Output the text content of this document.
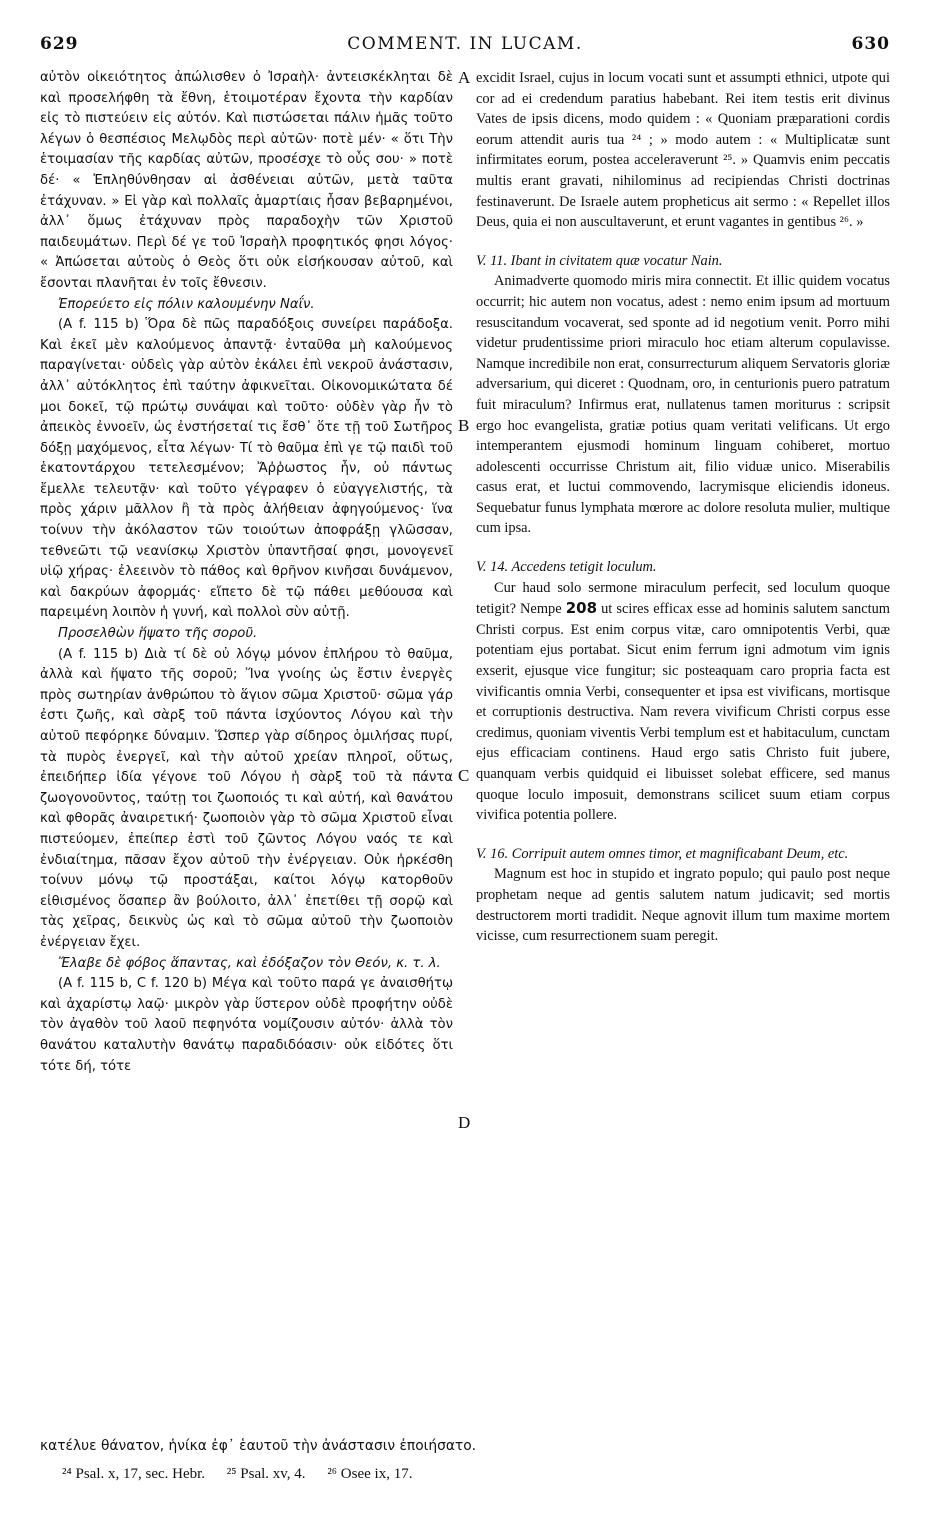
629	COMMENT. IN LUCAM.	630
A
B
C
D

αὐτὸν οἰκειότητος ἀπώλισθεν ὁ Ἰσραὴλ· ἀντεισκέκληται δὲ καὶ προσελήφθη τὰ ἔθνη, ἑτοιμοτέραν ἔχοντα τὴν καρδίαν εἰς τὸ πιστεύειν εἰς αὐτόν. Καὶ πιστώσεται πάλιν ἡμᾶς τοῦτο λέγων ὁ θεσπέσιος Μελῳδὸς περὶ αὐτῶν· ποτὲ μέν· « ὅτι Τὴν ἑτοιμασίαν τῆς καρδίας αὐτῶν, προσέσχε τὸ οὖς σου· » ποτὲ δέ· « Ἐπληθύνθησαν αἱ ἀσθένειαι αὐτῶν, μετὰ ταῦτα ἐτάχυναν. » Εἰ γὰρ καὶ πολλαῖς ἁμαρτίαις ἦσαν βεβαρημένοι, ἀλλ᾽ ὅμως ἐτάχυναν πρὸς παραδοχὴν τῶν Χριστοῦ παιδευμάτων. Περὶ δέ γε τοῦ Ἰσραὴλ προφητικός φησι λόγος· « Ἀπώσεται αὐτοὺς ὁ Θεὸς ὅτι οὐκ εἰσήκουσαν αὐτοῦ, καὶ ἔσονται πλανῆται ἐν τοῖς ἔθνεσιν.

Ἐπορεύετο εἰς πόλιν καλουμένην Ναΐν.

(A f. 115 b) Ὅρα δὲ πῶς παραδόξοις συνείρει παράδοξα. Καὶ ἐκεῖ μὲν καλούμενος ἀπαντᾷ· ἐνταῦθα μὴ καλούμενος παραγίνεται· οὐδεὶς γὰρ αὐτὸν ἐκάλει ἐπὶ νεκροῦ ἀνάστασιν, ἀλλ᾽ αὐτόκλητος ἐπὶ ταύτην ἀφικνεῖται. Οἰκονομικώτατα δέ μοι δοκεῖ, τῷ πρώτῳ συνάψαι καὶ τοῦτο· οὐδὲν γὰρ ἦν τὸ ἀπεικὸς ἐννοεῖν, ὡς ἐνστήσεταί τις ἔσθ᾽ ὅτε τῇ τοῦ Σωτῆρος δόξῃ μαχόμενος, εἶτα λέγων· Τί τὸ θαῦμα ἐπὶ γε τῷ παιδὶ τοῦ ἑκατοντάρχου τετελεσμένον; Ἄῤῥωστος ἦν, οὐ πάντως ἔμελλε τελευτᾷν· καὶ τοῦτο γέγραφεν ὁ εὐαγγελιστής, τὰ πρὸς χάριν μᾶλλον ἢ τὰ πρὸς ἀλήθειαν ἀφηγούμενος· ἵνα τοίνυν τὴν ἀκόλαστον τῶν τοιούτων ἀποφράξῃ γλῶσσαν, τεθνεῶτι τῷ νεανίσκῳ Χριστὸν ὑπαντῆσαί φησι, μονογενεῖ υἱῷ χήρας· ἐλεεινὸν τὸ πάθος καὶ θρῆνον κινῆσαι δυνάμενον, καὶ δακρύων ἀφορμάς· εἴπετο δὲ τῷ πάθει μεθύουσα καὶ παρειμένη λοιπὸν ἡ γυνή, καὶ πολλοὶ σὺν αὐτῇ.

Προσελθὼν ἥψατο τῆς σοροῦ.

(A f. 115 b) Διὰ τί δὲ οὐ λόγῳ μόνον ἐπλήρου τὸ θαῦμα, ἀλλὰ καὶ ἥψατο τῆς σοροῦ; Ἵνα γνοίης ὡς ἔστιν ἐνεργὲς πρὸς σωτηρίαν ἀνθρώπου τὸ ἅγιον σῶμα Χριστοῦ· σῶμα γάρ ἐστι ζωῆς, καὶ σὰρξ τοῦ πάντα ἰσχύοντος Λόγου καὶ τὴν αὐτοῦ πεφόρηκε δύναμιν. Ὥσπερ γὰρ σίδηρος ὁμιλήσας πυρί, τὰ πυρὸς ἐνεργεῖ, καὶ τὴν αὐτοῦ χρείαν πληροῖ, οὕτως, ἐπειδήπερ ἰδία γέγονε τοῦ Λόγου ἡ σὰρξ τοῦ τὰ πάντα ζωογονοῦντος, ταύτῃ τοι ζωοποιός τι καὶ αὐτή, καὶ θανάτου καὶ φθορᾶς ἀναιρετική· ζωοποιὸν γὰρ τὸ σῶμα Χριστοῦ εἶναι πιστεύομεν, ἐπείπερ ἐστὶ τοῦ ζῶντος Λόγου ναός τε καὶ ἐνδιαίτημα, πᾶσαν ἔχον αὐτοῦ τὴν ἐνέργειαν. Οὐκ ἠρκέσθη τοίνυν μόνῳ τῷ προστάξαι, καίτοι λόγῳ κατορθοῦν εἰθισμένος ὅσαπερ ἂν βούλοιτο, ἀλλ᾽ ἐπετίθει τῇ σορῷ καὶ τὰς χεῖρας, δεικνὺς ὡς καὶ τὸ σῶμα αὐτοῦ τὴν ζωοποιὸν ἐνέργειαν ἔχει.

Ἔλαβε δὲ φόβος ἅπαντας, καὶ ἐδόξαζον τὸν Θεόν, κ. τ. λ.

(A f. 115 b, C f. 120 b) Μέγα καὶ τοῦτο παρά γε ἀναισθήτῳ καὶ ἀχαρίστῳ λαῷ· μικρὸν γὰρ ὕστερον οὐδὲ προφήτην οὐδὲ τὸν ἀγαθὸν τοῦ λαοῦ πεφηνότα νομίζουσιν αὐτόν· ἀλλὰ τὸν θανάτου καταλυτὴν θανάτῳ παραδιδόασιν· οὐκ εἰδότες ὅτι τότε δή, τότε

excidit Israel, cujus in locum vocati sunt et assumpti ethnici, utpote qui cor ad ei credendum paratius habebant. Rei item testis erit divinus Vates de ipsis dicens, modo quidem : « Quoniam præparationi cordis eorum attendit auris tua ²⁴ ; » modo autem : « Multiplicatæ sunt infirmitates eorum, postea acceleraverunt ²⁵. » Quamvis enim peccatis multis erant gravati, nihilominus ad recipiendas Christi doctrinas festinaverunt. De Israele autem propheticus ait sermo : « Repellet illos Deus, quia ei non auscultaverunt, et erunt vagantes in gentibus ²⁶. »

V. 11. Ibant in civitatem quæ vocatur Nain.

Animadverte quomodo miris mira connectit. Et illic quidem vocatus occurrit; hic autem non vocatus, adest : nemo enim ipsum ad mortuum resuscitandum vocaverat, sed sponte ad id negotium venit. Porro mihi videtur prudentissime priori miraculo hoc etiam alterum copulavisse. Namque incredibile non erat, consurrecturum aliquem Servatoris gloriæ adversarium, qui diceret : Quodnam, oro, in centurionis puero patratum fuit miraculum? Infirmus erat, nullatenus tamen moriturus : scripsit ergo hoc evangelista, gratiæ potius quam veritati velificans. Ut ergo intemperantem ejusmodi hominum linguam cohiberet, mortuo adolescenti occurrisse Christum ait, filio viduæ unico. Miserabilis casus erat, et luctui commovendo, lacrymisque eliciendis idoneus. Sequebatur funus lymphata mœrore ac dolore resoluta mulier, multique cum ipsa.

V. 14. Accedens tetigit loculum.

Cur haud solo sermone miraculum perfecit, sed loculum quoque tetigit? Nempe 208 ut scires efficax esse ad hominis salutem sanctum Christi corpus. Est enim corpus vitæ, caro omnipotentis Verbi, quæ potentiam ejus portabat. Sicut enim ferrum igni admotum vim ignis exserit, ejusque vice fungitur; sic posteaquam caro propria facta est vivificantis omnia Verbi, consequenter et ipsa est vivificans, mortisque et corruptionis destructiva. Nam revera vivificum Christi corpus esse credimus, quoniam viventis Verbi templum est et habitaculum, cunctam ejus efficaciam continens. Haud ergo satis Christo fuit jubere, quanquam verbis quidquid ei libuisset solebat efficere, sed manus quoque loculo imposuit, demonstrans scilicet suum etiam corpus vivifica potentia pollere.

V. 16. Corripuit autem omnes timor, et magnificabant Deum, etc.

Magnum est hoc in stupido et ingrato populo; qui paulo post neque prophetam neque ad gentis salutem natum judicavit; sed mortis destructorem morti tradidit. Neque agnovit illum tum maxime mortem vicisse, cum resurrectionem suam peregit.

κατέλυε θάνατον, ἡνίκα ἐφ᾽ ἑαυτοῦ τὴν ἀνάστασιν ἐποιήσατο.
²⁴ Psal. x, 17, sec. Hebr. ²⁵ Psal. xv, 4. ²⁶ Osee ix, 17.
